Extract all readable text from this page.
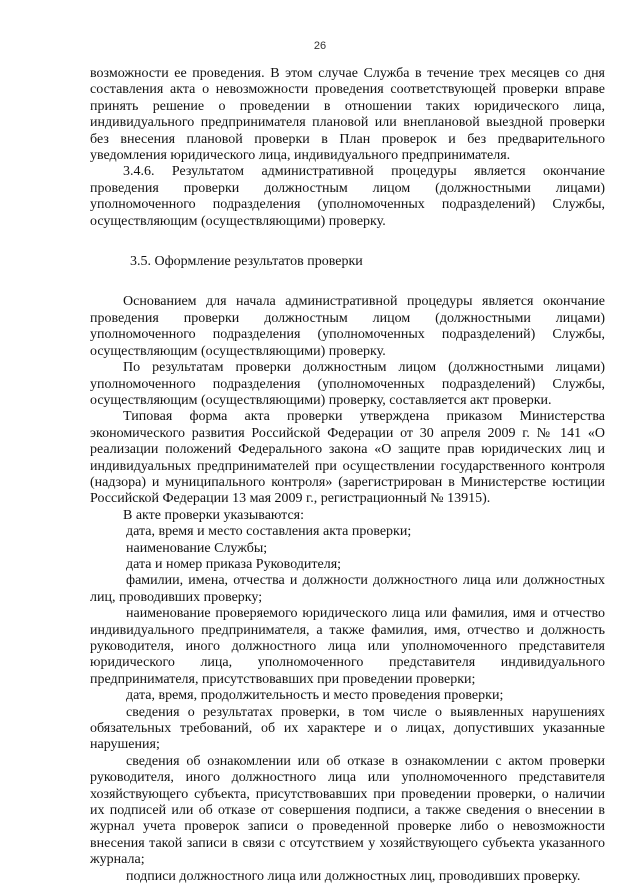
26

возможности ее проведения. В этом случае Служба в течение трех месяцев со дня составления акта о невозможности проведения соответствующей проверки вправе принять решение о проведении в отношении таких юридического лица, индивидуального предпринимателя плановой или внеплановой выездной проверки без внесения плановой проверки в План проверок и без предварительного уведомления юридического лица, индивидуального предпринимателя.

3.4.6. Результатом административной процедуры является окончание проведения проверки должностным лицом (должностными лицами) уполномоченного подразделения (уполномоченных подразделений) Службы, осуществляющим (осуществляющими) проверку.

3.5. Оформление результатов проверки

Основанием для начала административной процедуры является окончание проведения проверки должностным лицом (должностными лицами) уполномоченного подразделения (уполномоченных подразделений) Службы, осуществляющим (осуществляющими) проверку.

По результатам проверки должностным лицом (должностными лицами) уполномоченного подразделения (уполномоченных подразделений) Службы, осуществляющим (осуществляющими) проверку, составляется акт проверки.

Типовая форма акта проверки утверждена приказом Министерства экономического развития Российской Федерации от 30 апреля 2009 г. № 141 «О реализации положений Федерального закона «О защите прав юридических лиц и индивидуальных предпринимателей при осуществлении государственного контроля (надзора) и муниципального контроля» (зарегистрирован в Министерстве юстиции Российской Федерации 13 мая 2009 г., регистрационный № 13915).

В акте проверки указываются:

дата, время и место составления акта проверки;

наименование Службы;

дата и номер приказа Руководителя;

фамилии, имена, отчества и должности должностного лица или должностных лиц, проводивших проверку;

наименование проверяемого юридического лица или фамилия, имя и отчество индивидуального предпринимателя, а также фамилия, имя, отчество и должность руководителя, иного должностного лица или уполномоченного представителя юридического лица, уполномоченного представителя индивидуального предпринимателя, присутствовавших при проведении проверки;

дата, время, продолжительность и место проведения проверки;

сведения о результатах проверки, в том числе о выявленных нарушениях обязательных требований, об их характере и о лицах, допустивших указанные нарушения;

сведения об ознакомлении или об отказе в ознакомлении с актом проверки руководителя, иного должностного лица или уполномоченного представителя хозяйствующего субъекта, присутствовавших при проведении проверки, о наличии их подписей или об отказе от совершения подписи, а также сведения о внесении в журнал учета проверок записи о проведенной проверке либо о невозможности внесения такой записи в связи с отсутствием у хозяйствующего субъекта указанного журнала;

подписи должностного лица или должностных лиц, проводивших проверку.
